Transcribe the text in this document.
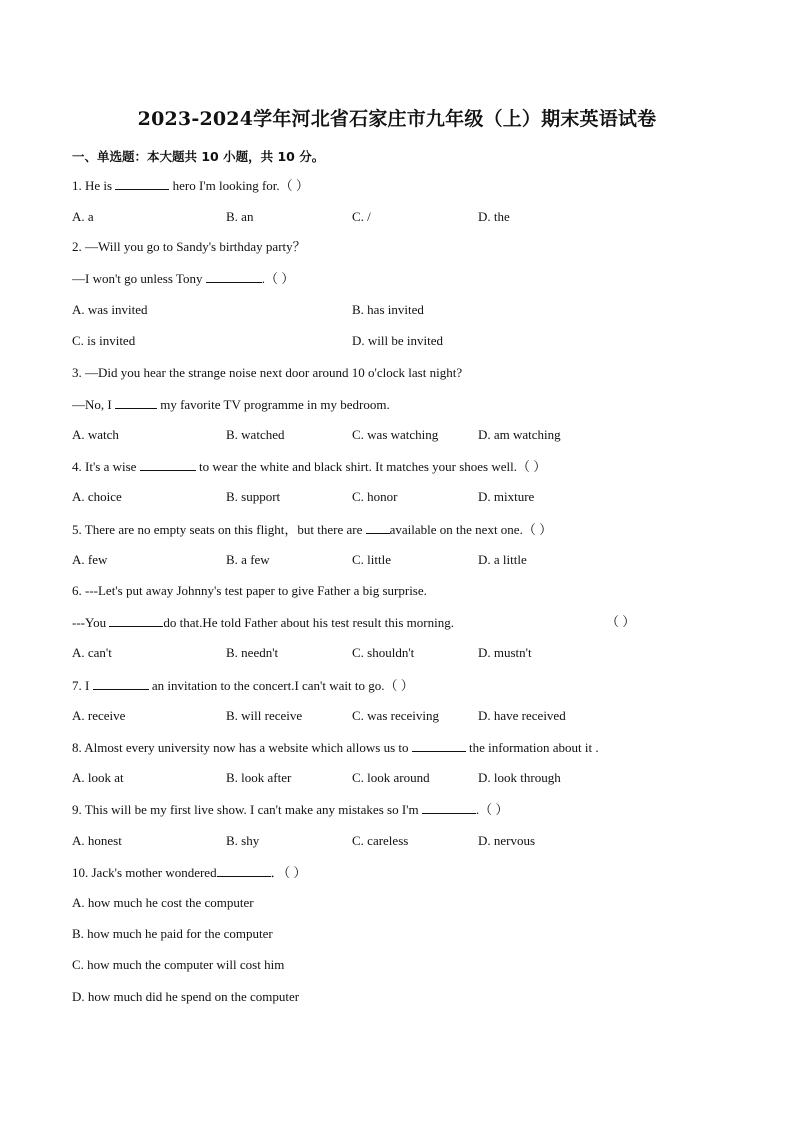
2023-2024学年河北省石家庄市九年级（上）期末英语试卷
一、单选题：本大题共 10 小题，共 10 分。
1. He is	hero I'm looking for.（ ）
A. a	B. an	C. /	D. the
2. —Will you go to Sandy's birthday party？
—I won't go unless Tony	.（ ）
A. was invited	B. has invited
C. is invited	D. will be invited
3. —Did you hear the strange noise next door around 10 o'clock last night?
—No, I	my favorite TV programme in my bedroom.
A. watch	B. watched	C. was watching	D. am watching
4. It's a wise	to wear the white and black shirt. It matches your shoes well.（ ）
A. choice	B. support	C. honor	D. mixture
5. There are no empty seats on this flight，but there are available on the next one.（ ）
A. few	B. a few	C. little	D. a little
6. ---Let's put away Johnny's test paper to give Father a big surprise.
---You	do that.He told Father about his test result this morning.	（ ）
A. can't	B. needn't	C. shouldn't	D. mustn't
7. I	an invitation to the concert.I can't wait to go.（ ）
A. receive	B. will receive	C. was receiving	D. have received
8. Almost every university now has a website which allows us to	the information about it .
A. look at	B. look after	C. look around	D. look through
9. This will be my first live show. I can't make any mistakes so I'm	.（ ）
A. honest	B. shy	C. careless	D. nervous
10. Jack's mother wondered	．（ ）
A. how much he cost the computer
B. how much he paid for the computer
C. how much the computer will cost him
D. how much did he spend on the computer
